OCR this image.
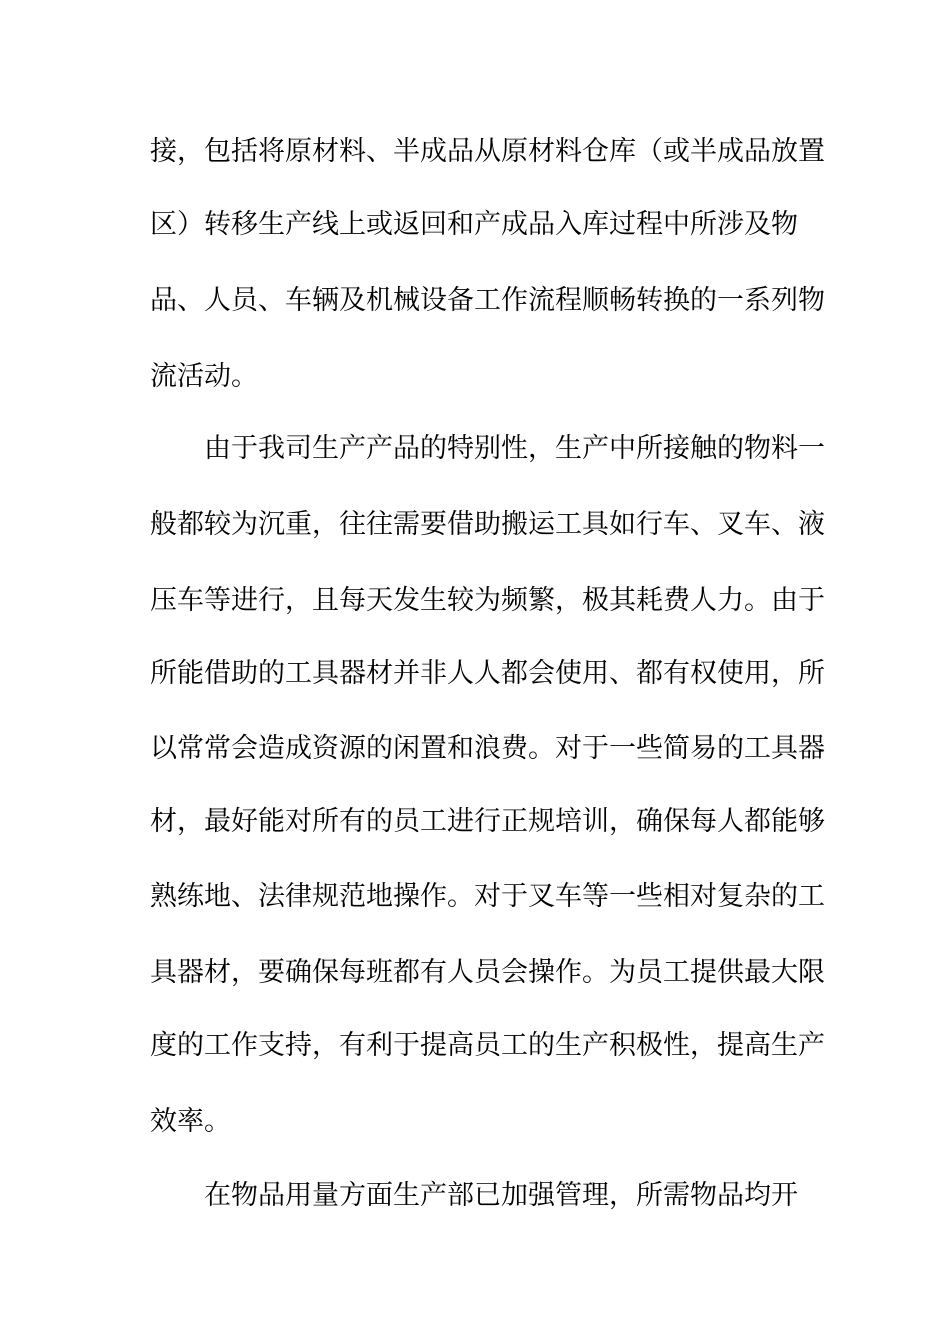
接，包括将原材料、半成品从原材料仓库（或半成品放置
区）转移生产线上或返回和产成品入库过程中所涉及物
品、人员、车辆及机械设备工作流程顺畅转换的一系列物
流活动。
由于我司生产产品的特别性，生产中所接触的物料一
般都较为沉重，往往需要借助搬运工具如行车、叉车、液
压车等进行，且每天发生较为频繁，极其耗费人力。由于
所能借助的工具器材并非人人都会使用、都有权使用，所
以常常会造成资源的闲置和浪费。对于一些简易的工具器
材，最好能对所有的员工进行正规培训，确保每人都能够
熟练地、法律规范地操作。对于叉车等一些相对复杂的工
具器材，要确保每班都有人员会操作。为员工提供最大限
度的工作支持，有利于提高员工的生产积极性，提高生产
效率。
在物品用量方面生产部已加强管理，所需物品均开
